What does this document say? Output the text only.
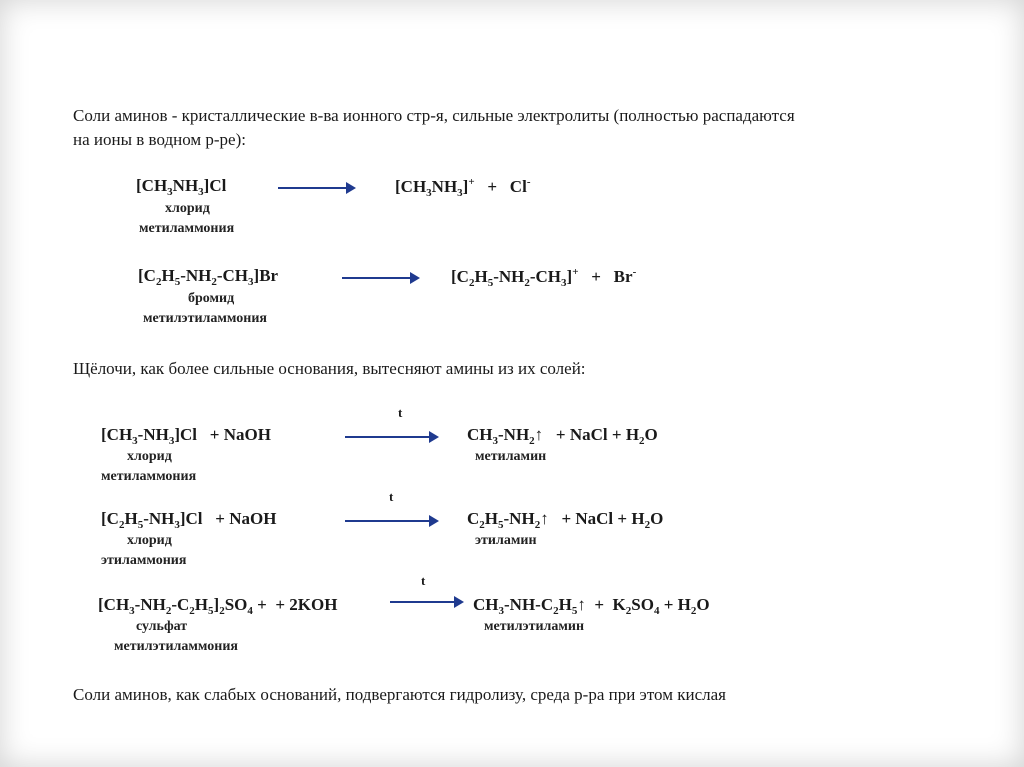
Соли аминов - кристаллические в-ва ионного стр-я, сильные электролиты (полностью распадаются
на ионы в водном р-ре):
$[CH_3NH_3]Cl$	$[CH_3NH_3]^+ + Cl^-$
хлорид
метиламмония
$[C_2H_5-NH_2-CH_3]Br$	$[C_2H_5-NH_2-CH_3]^+ + Br^-$
бромид
метилэтиламмония
Щёлочи, как более сильные основания, вытесняют амины из их солей:
t
$[CH_3-NH_3]Cl$   + NaOH	$CH_3-NH_2↑$   + NaCl + $H_2O$
хлорид
метиламмония
метиламин
t
$[C_2H_5-NH_3]Cl$   + NaOH	$C_2H_5-NH_2↑$   + NaCl + $H_2O$
хлорид
этиламмония
этиламин
t
$[CH_3-NH_2-C_2H_5]_2SO_4$ +  + 2KOH	$CH_3-NH-C_2H_5↑ + K_2SO_4 + H_2O$
сульфат
метилэтиламмония
метилэтиламин
Соли аминов, как слабых оснований, подвергаются гидролизу, среда р-ра при этом кислая
